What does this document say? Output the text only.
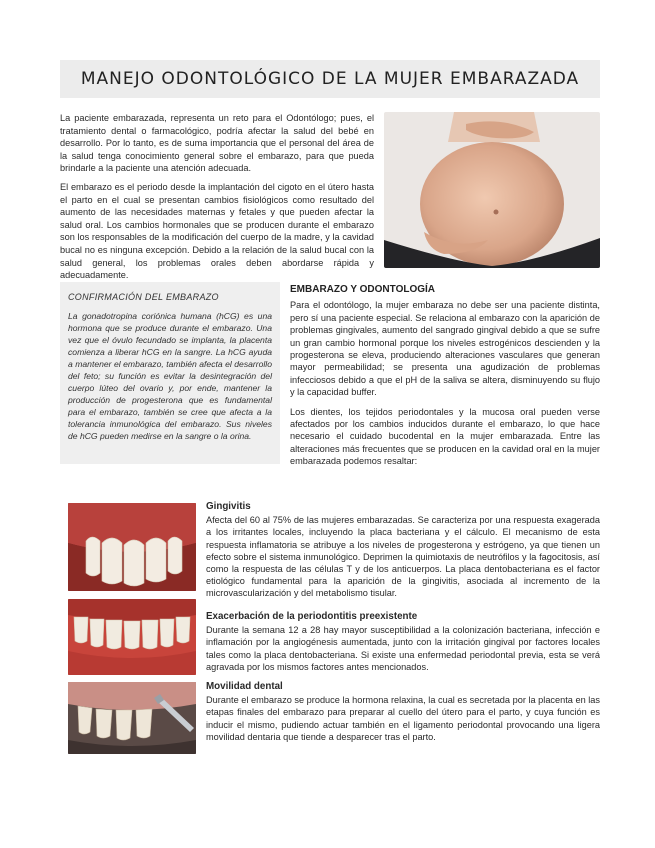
MANEJO ODONTOLÓGICO DE LA MUJER EMBARAZADA

La paciente embarazada, representa un reto para el Odontólogo; pues, el tratamiento dental o farmacológico, podría afectar la salud del bebé en desarrollo. Por lo tanto, es de suma importancia que el personal del área de la salud tenga conocimiento general sobre el embarazo, para que pueda brindarle a la paciente una atención adecuada.

El embarazo es el periodo desde la implantación del cigoto en el útero hasta el parto en el cual se presentan cambios fisiológicos como resultado del aumento de las necesidades maternas y fetales y que pueden afectar la salud oral. Los cambios hormonales que se producen durante el embarazo son los responsables de la modificación del cuerpo de la madre, y la cavidad bucal no es ninguna excepción. Debido a la relación de la salud bucal con la salud general, los problemas orales deben abordarse rápida y adecuadamente.

CONFIRMACIÓN DEL EMBARAZO

La gonadotropina coriónica humana (hCG) es una hormona que se produce durante el embarazo. Una vez que el óvulo fecundado se implanta, la placenta comienza a liberar hCG en la sangre. La hCG ayuda a mantener el embarazo, también afecta el desarrollo del feto; su función es evitar la desintegración del cuerpo lúteo del ovario y, por ende, mantener la producción de progesterona que es fundamental para el embarazo, también se cree que afecta a la tolerancia inmunológica del embarazo. Sus niveles de hCG pueden medirse en la sangre o la orina.

EMBARAZO Y ODONTOLOGÍA

Para el odontólogo, la mujer embaraza no debe ser una paciente distinta, pero sí una paciente especial. Se relaciona al embarazo con la aparición de problemas gingivales, aumento del sangrado gingival debido a que se sufre un gran cambio hormonal porque los niveles estrogénicos descienden y la progesterona se eleva, produciendo alteraciones vasculares que generan mayor permeabilidad; se presenta una agudización de problemas infecciosos debido a que el pH de la saliva se altera, disminuyendo su flujo y la capacidad buffer.

Los dientes, los tejidos periodontales y la mucosa oral pueden verse afectados por los cambios inducidos durante el embarazo, lo que hace necesario el cuidado bucodental en la mujer embarazada. Entre las alteraciones más frecuentes que se producen en la cavidad oral en la mujer embarazada podemos resaltar:

Gingivitis

Afecta del 60 al 75% de las mujeres embarazadas. Se caracteriza por una respuesta exagerada a los irritantes locales, incluyendo la placa bacteriana y el cálculo. El mecanismo de esta respuesta inflamatoria se atribuye a los niveles de progesterona y estrógeno, ya que tienen un efecto sobre el sistema inmunológico. Deprimen la quimiotaxis de neutrófilos y la fagocitosis, así como la respuesta de las células T y de los anticuerpos. La placa dentobacteriana es el factor etiológico fundamental para la aparición de la gingivitis, asociada al incremento de la microvascularización y del metabolismo tisular.

Exacerbación de la periodontitis preexistente

Durante la semana 12 a 28 hay mayor susceptibilidad a la colonización bacteriana, infección e inflamación por la angiogénesis aumentada, junto con la irritación gingival por factores locales tales como la placa dentobacteriana. Si existe una enfermedad periodontal previa, esta se verá agravada por los mismos factores antes mencionados.

Movilidad dental

Durante el embarazo se produce la hormona relaxina, la cual es secretada por la placenta en las etapas finales del embarazo para preparar al cuello del útero para el parto, y cuya función es inducir el mismo, pudiendo actuar también en el ligamento periodontal provocando una ligera movilidad dentaria que tiende a desparecer tras el parto.
